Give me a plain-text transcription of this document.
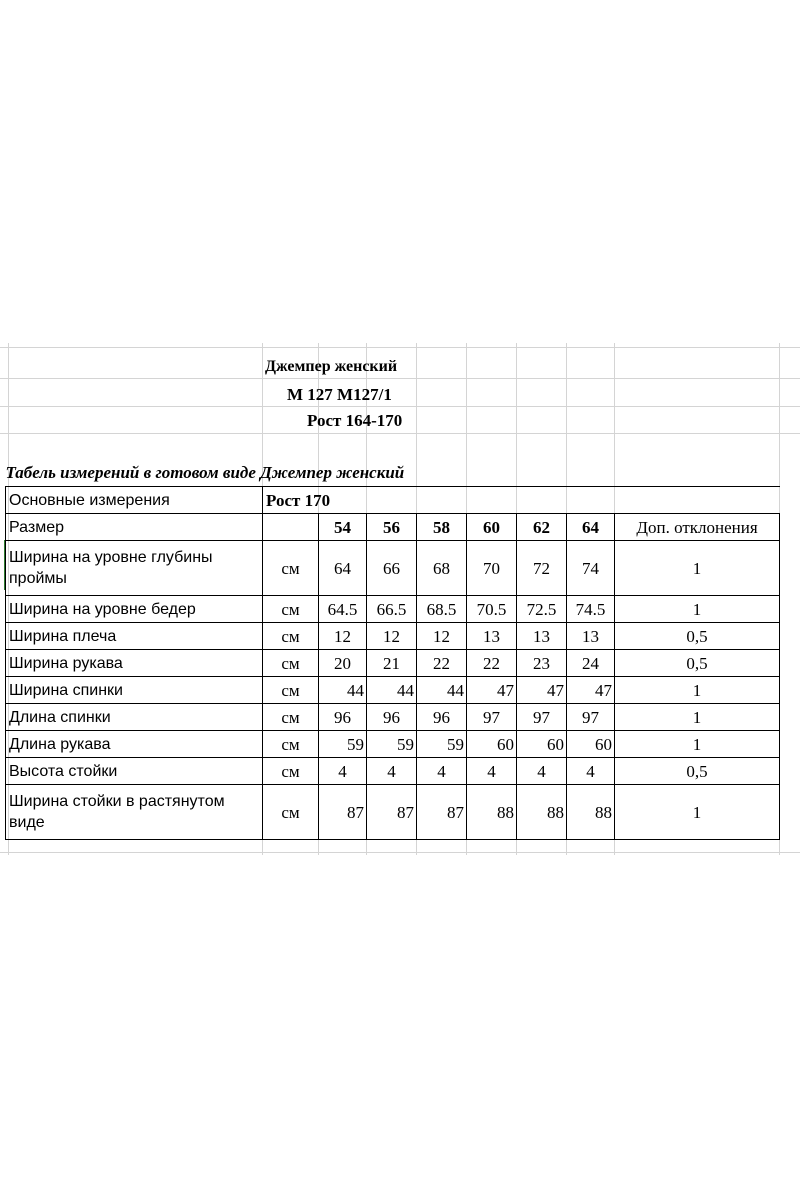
Джемпер женский
М 127 М127/1
Рост 164-170
Табель измерений в готовом виде Джемпер женский								
Основные измерения	Рост 170							
Размер		54	56	58	60	62	64	Доп. отклонения
Ширина на уровне глубины проймы	см	64	66	68	70	72	74	1
Ширина на уровне бедер	см	64.5	66.5	68.5	70.5	72.5	74.5	1
Ширина плеча	см	12	12	12	13	13	13	0,5
Ширина рукава	см	20	21	22	22	23	24	0,5
Ширина спинки	см	44	44	44	47	47	47	1
Длина спинки	см	96	96	96	97	97	97	1
Длина рукава	см	59	59	59	60	60	60	1
Высота стойки	см	4	4	4	4	4	4	0,5
Ширина стойки в растянутом виде	см	87	87	87	88	88	88	1
